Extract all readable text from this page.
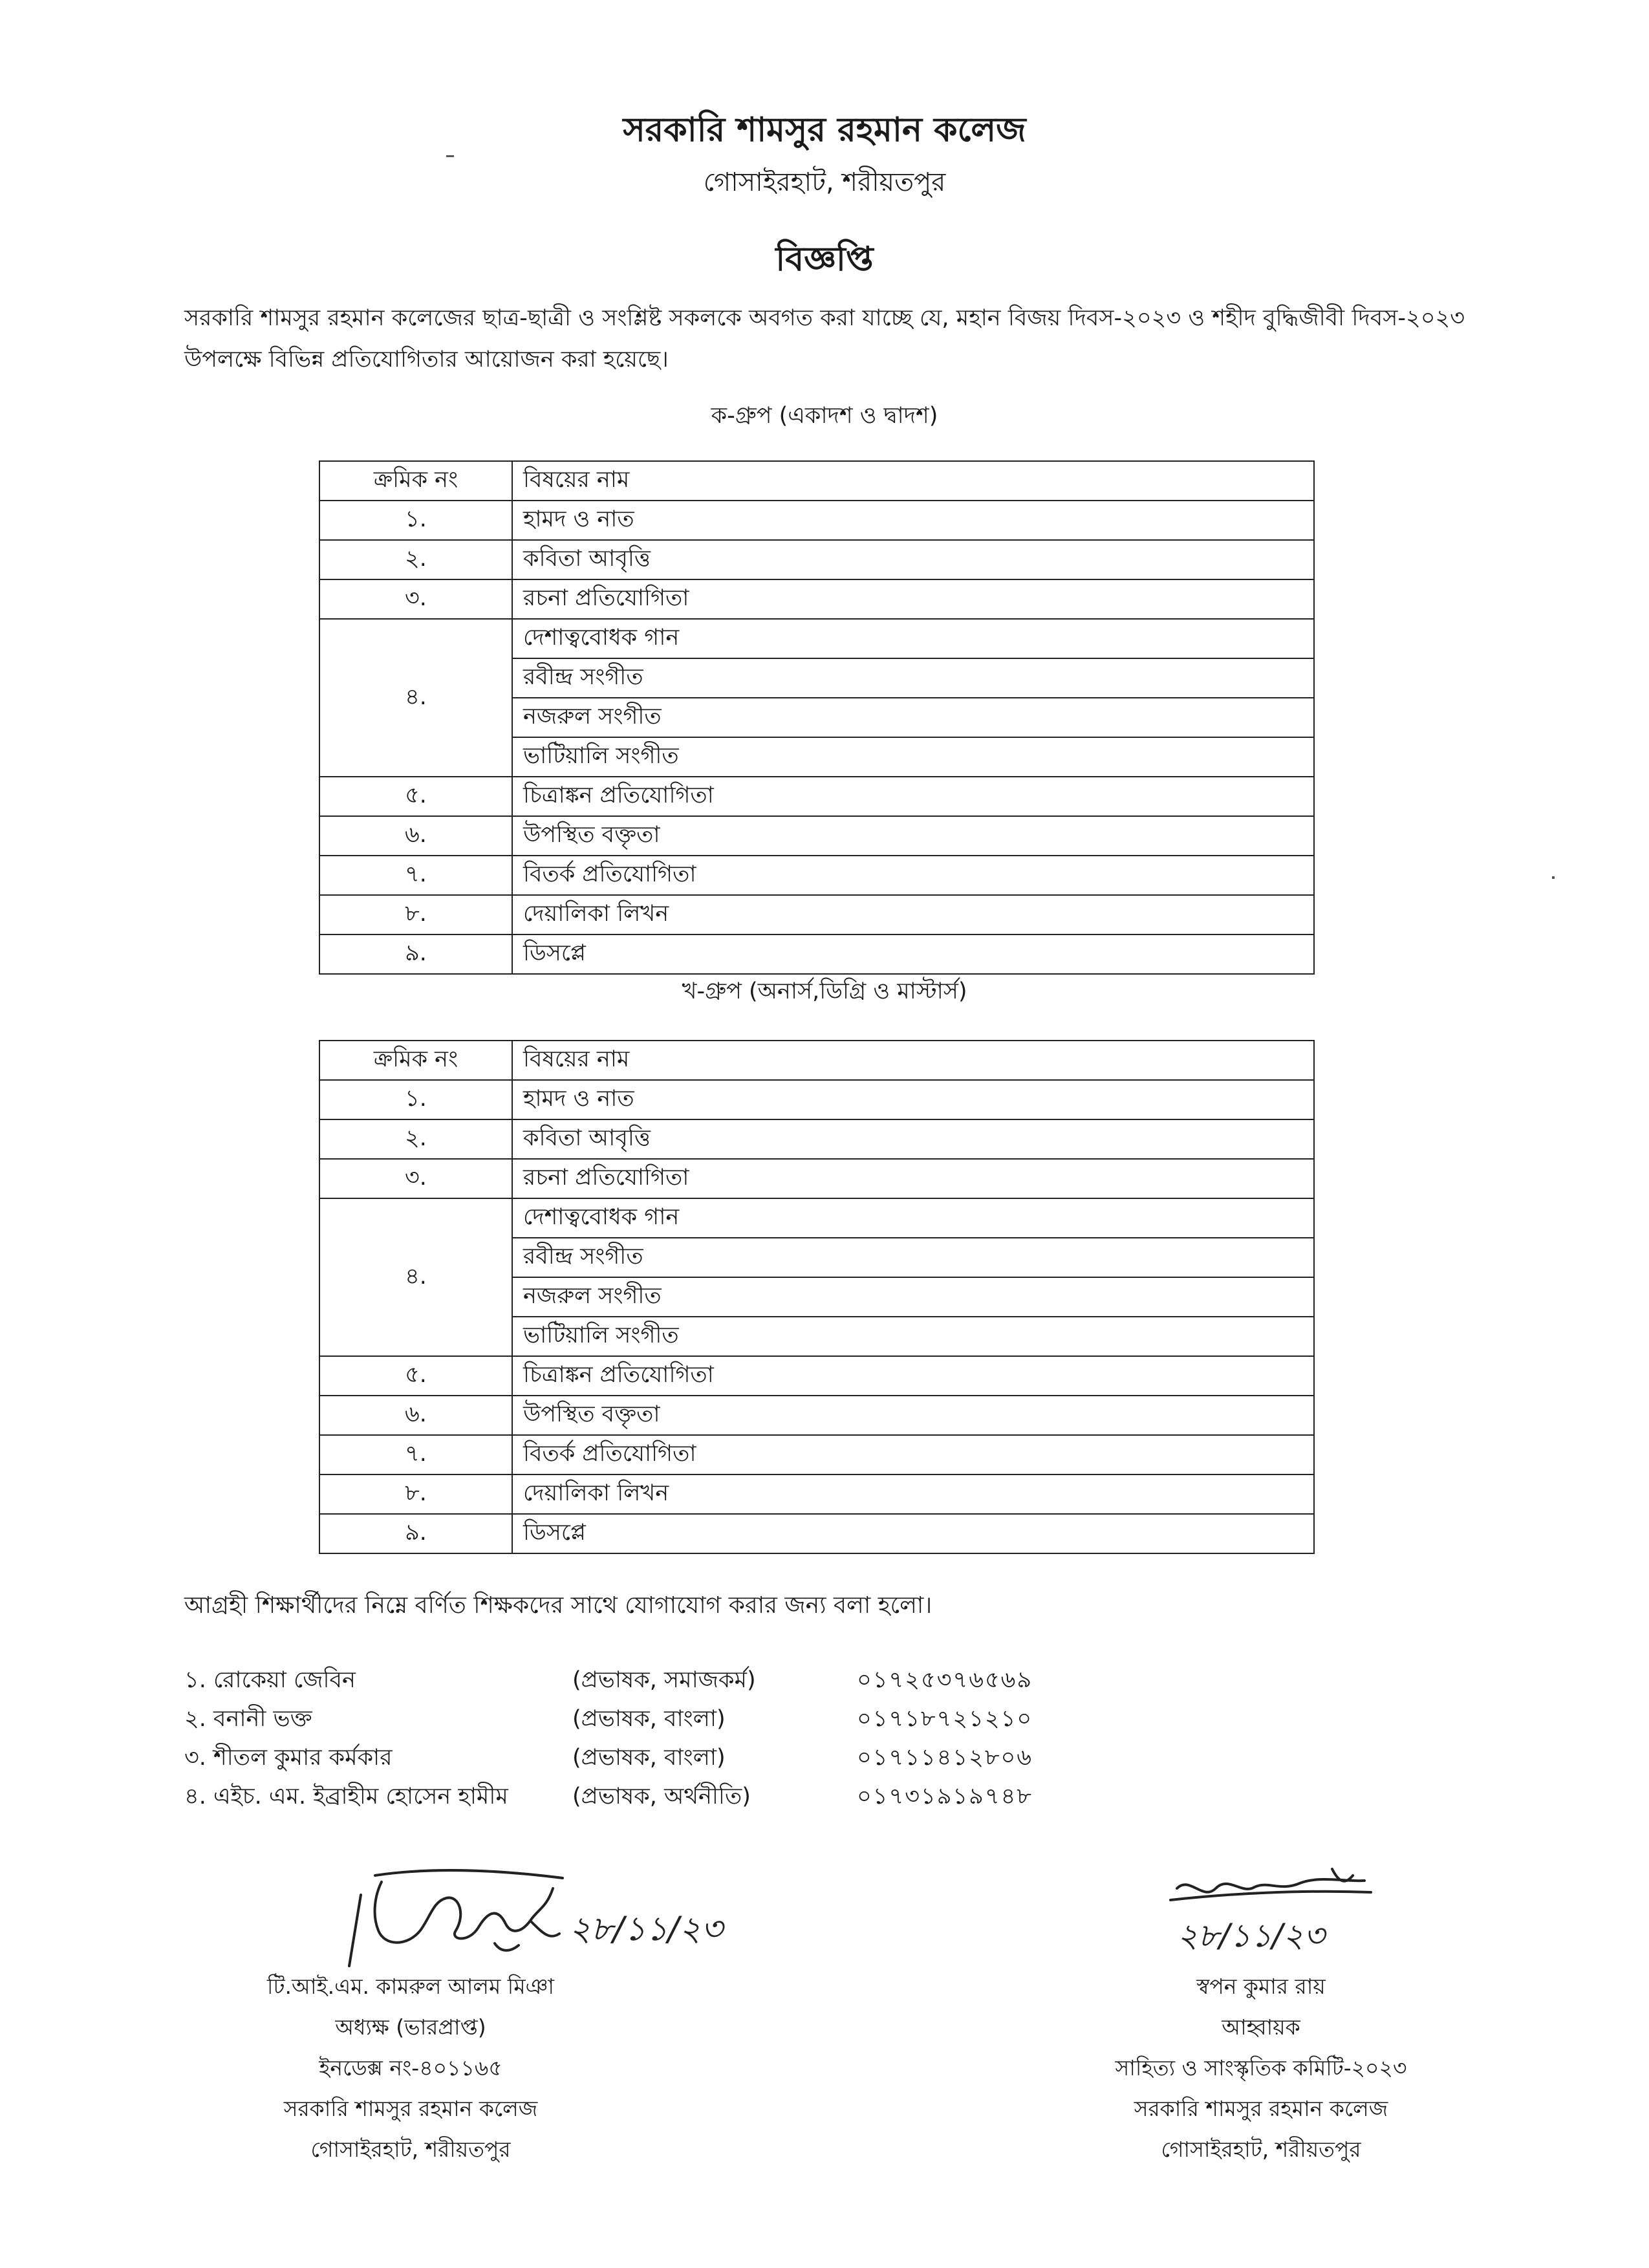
সরকারি শামসুর রহমান কলেজ
গোসাইরহাট, শরীয়তপুর
বিজ্ঞপ্তি
সরকারি শামসুর রহমান কলেজের ছাত্র-ছাত্রী ও সংশ্লিষ্ট সকলকে অবগত করা যাচ্ছে যে, মহান বিজয় দিবস-২০২৩ ও শহীদ বুদ্ধিজীবী দিবস-২০২৩ উপলক্ষে বিভিন্ন প্রতিযোগিতার আয়োজন করা হয়েছে।
ক-গ্রুপ (একাদশ ও দ্বাদশ)
ক্রমিক নং	বিষয়ের নাম
১.	হামদ ও নাত
২.	কবিতা আবৃত্তি
৩.	রচনা প্রতিযোগিতা
৪.	দেশাত্ববোধক গান
	রবীন্দ্র সংগীত
	নজরুল সংগীত
	ভাটিয়ালি সংগীত
৫.	চিত্রাঙ্কন প্রতিযোগিতা
৬.	উপস্থিত বক্তৃতা
৭.	বিতর্ক প্রতিযোগিতা
৮.	দেয়ালিকা লিখন
৯.	ডিসপ্লে
খ-গ্রুপ (অনার্স,ডিগ্রি ও মাস্টার্স)
ক্রমিক নং	বিষয়ের নাম
১.	হামদ ও নাত
২.	কবিতা আবৃত্তি
৩.	রচনা প্রতিযোগিতা
৪.	দেশাত্ববোধক গান
	রবীন্দ্র সংগীত
	নজরুল সংগীত
	ভাটিয়ালি সংগীত
৫.	চিত্রাঙ্কন প্রতিযোগিতা
৬.	উপস্থিত বক্তৃতা
৭.	বিতর্ক প্রতিযোগিতা
৮.	দেয়ালিকা লিখন
৯.	ডিসপ্লে
আগ্রহী শিক্ষার্থীদের নিম্নে বর্ণিত শিক্ষকদের সাথে যোগাযোগ করার জন্য বলা হলো।
১. রোকেয়া জেবিন	(প্রভাষক, সমাজকর্ম)	০১৭২৫৩৭৬৫৬৯
২. বনানী ভক্ত	(প্রভাষক, বাংলা)	০১৭১৮৭২১২১০
৩. শীতল কুমার কর্মকার	(প্রভাষক, বাংলা)	০১৭১১৪১২৮০৬
৪. এইচ. এম. ইব্রাহীম হোসেন হামীম	(প্রভাষক, অর্থনীতি)	০১৭৩১৯১৯৭৪৮
২৮/১১/২৩	২৮/১১/২৩
টি.আই.এম. কামরুল আলম মিঞা
অধ্যক্ষ (ভারপ্রাপ্ত)
ইনডেক্স নং-৪০১১৬৫
সরকারি শামসুর রহমান কলেজ
গোসাইরহাট, শরীয়তপুর
স্বপন কুমার রায়
আহ্বায়ক
সাহিত্য ও সাংস্কৃতিক কমিটি-২০২৩
সরকারি শামসুর রহমান কলেজ
গোসাইরহাট, শরীয়তপুর
